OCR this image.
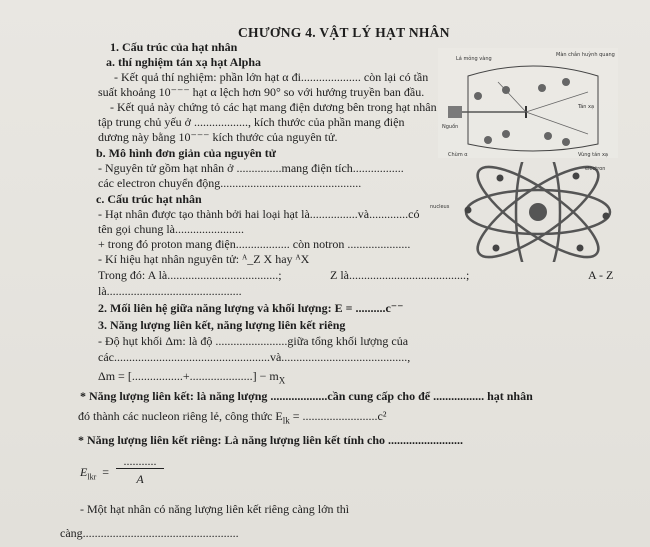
CHƯƠNG 4. VẬT LÝ HẠT NHÂN
1. Cấu trúc của hạt nhân
a. thí nghiệm tán xạ hạt Alpha
- Kết quả thí nghiệm: phần lớn hạt α đi.................... còn lại có tần
suất khoảng 10⁻⁻⁻ hạt α lệch hơn 90° so với hướng truyền ban đầu.
- Kết quả này chứng tỏ các hạt mang điện dương bên trong hạt nhân
tập trung chủ yếu ở .................., kích thước của phần mang điện
dương này bằng 10⁻⁻⁻ kích thước của nguyên tử.
b. Mô hình đơn giản của nguyên tử
- Nguyên tử gồm hạt nhân ở ...............mang điện tích.................
các electron chuyển động...............................................
c. Cấu trúc hạt nhân
- Hạt nhân được tạo thành bởi hai loại hạt là................và.............có
tên gọi chung là.......................
+ trong đó proton mang điện.................. còn notron .....................
- Kí hiệu hạt nhân nguyên tử: ᴬ_Z X hay ᴬX
Trong đó: A là.....................................;	Z là.......................................;	A - Z
là.............................................
2. Mối liên hệ giữa năng lượng và khối lượng: E = ..........c⁻⁻
3. Năng lượng liên kết, năng lượng liên kết riêng
- Độ hụt khối Δm: là độ ........................giữa tổng khối lượng của
các....................................................và..........................................,
Δm = [.................+.....................] − $m_X$
* Năng lượng liên kết: là năng lượng ...................cần cung cấp cho để ................. hạt nhân
đó thành các nucleon riêng lẻ, công thức $E_{lk} = .........................c^2$
* Năng lượng liên kết riêng: Là năng lượng liên kết tính cho .........................
$E_{lkr}$ =
...........
A
- Một hạt nhân có năng lượng liên kết riêng càng lớn thì
càng....................................................
Lá mỏng vàng
Màn chắn huỳnh quang
Nguồn
Tán xạ
Chùm α	Vùng tán xạ
electron
nucleus
